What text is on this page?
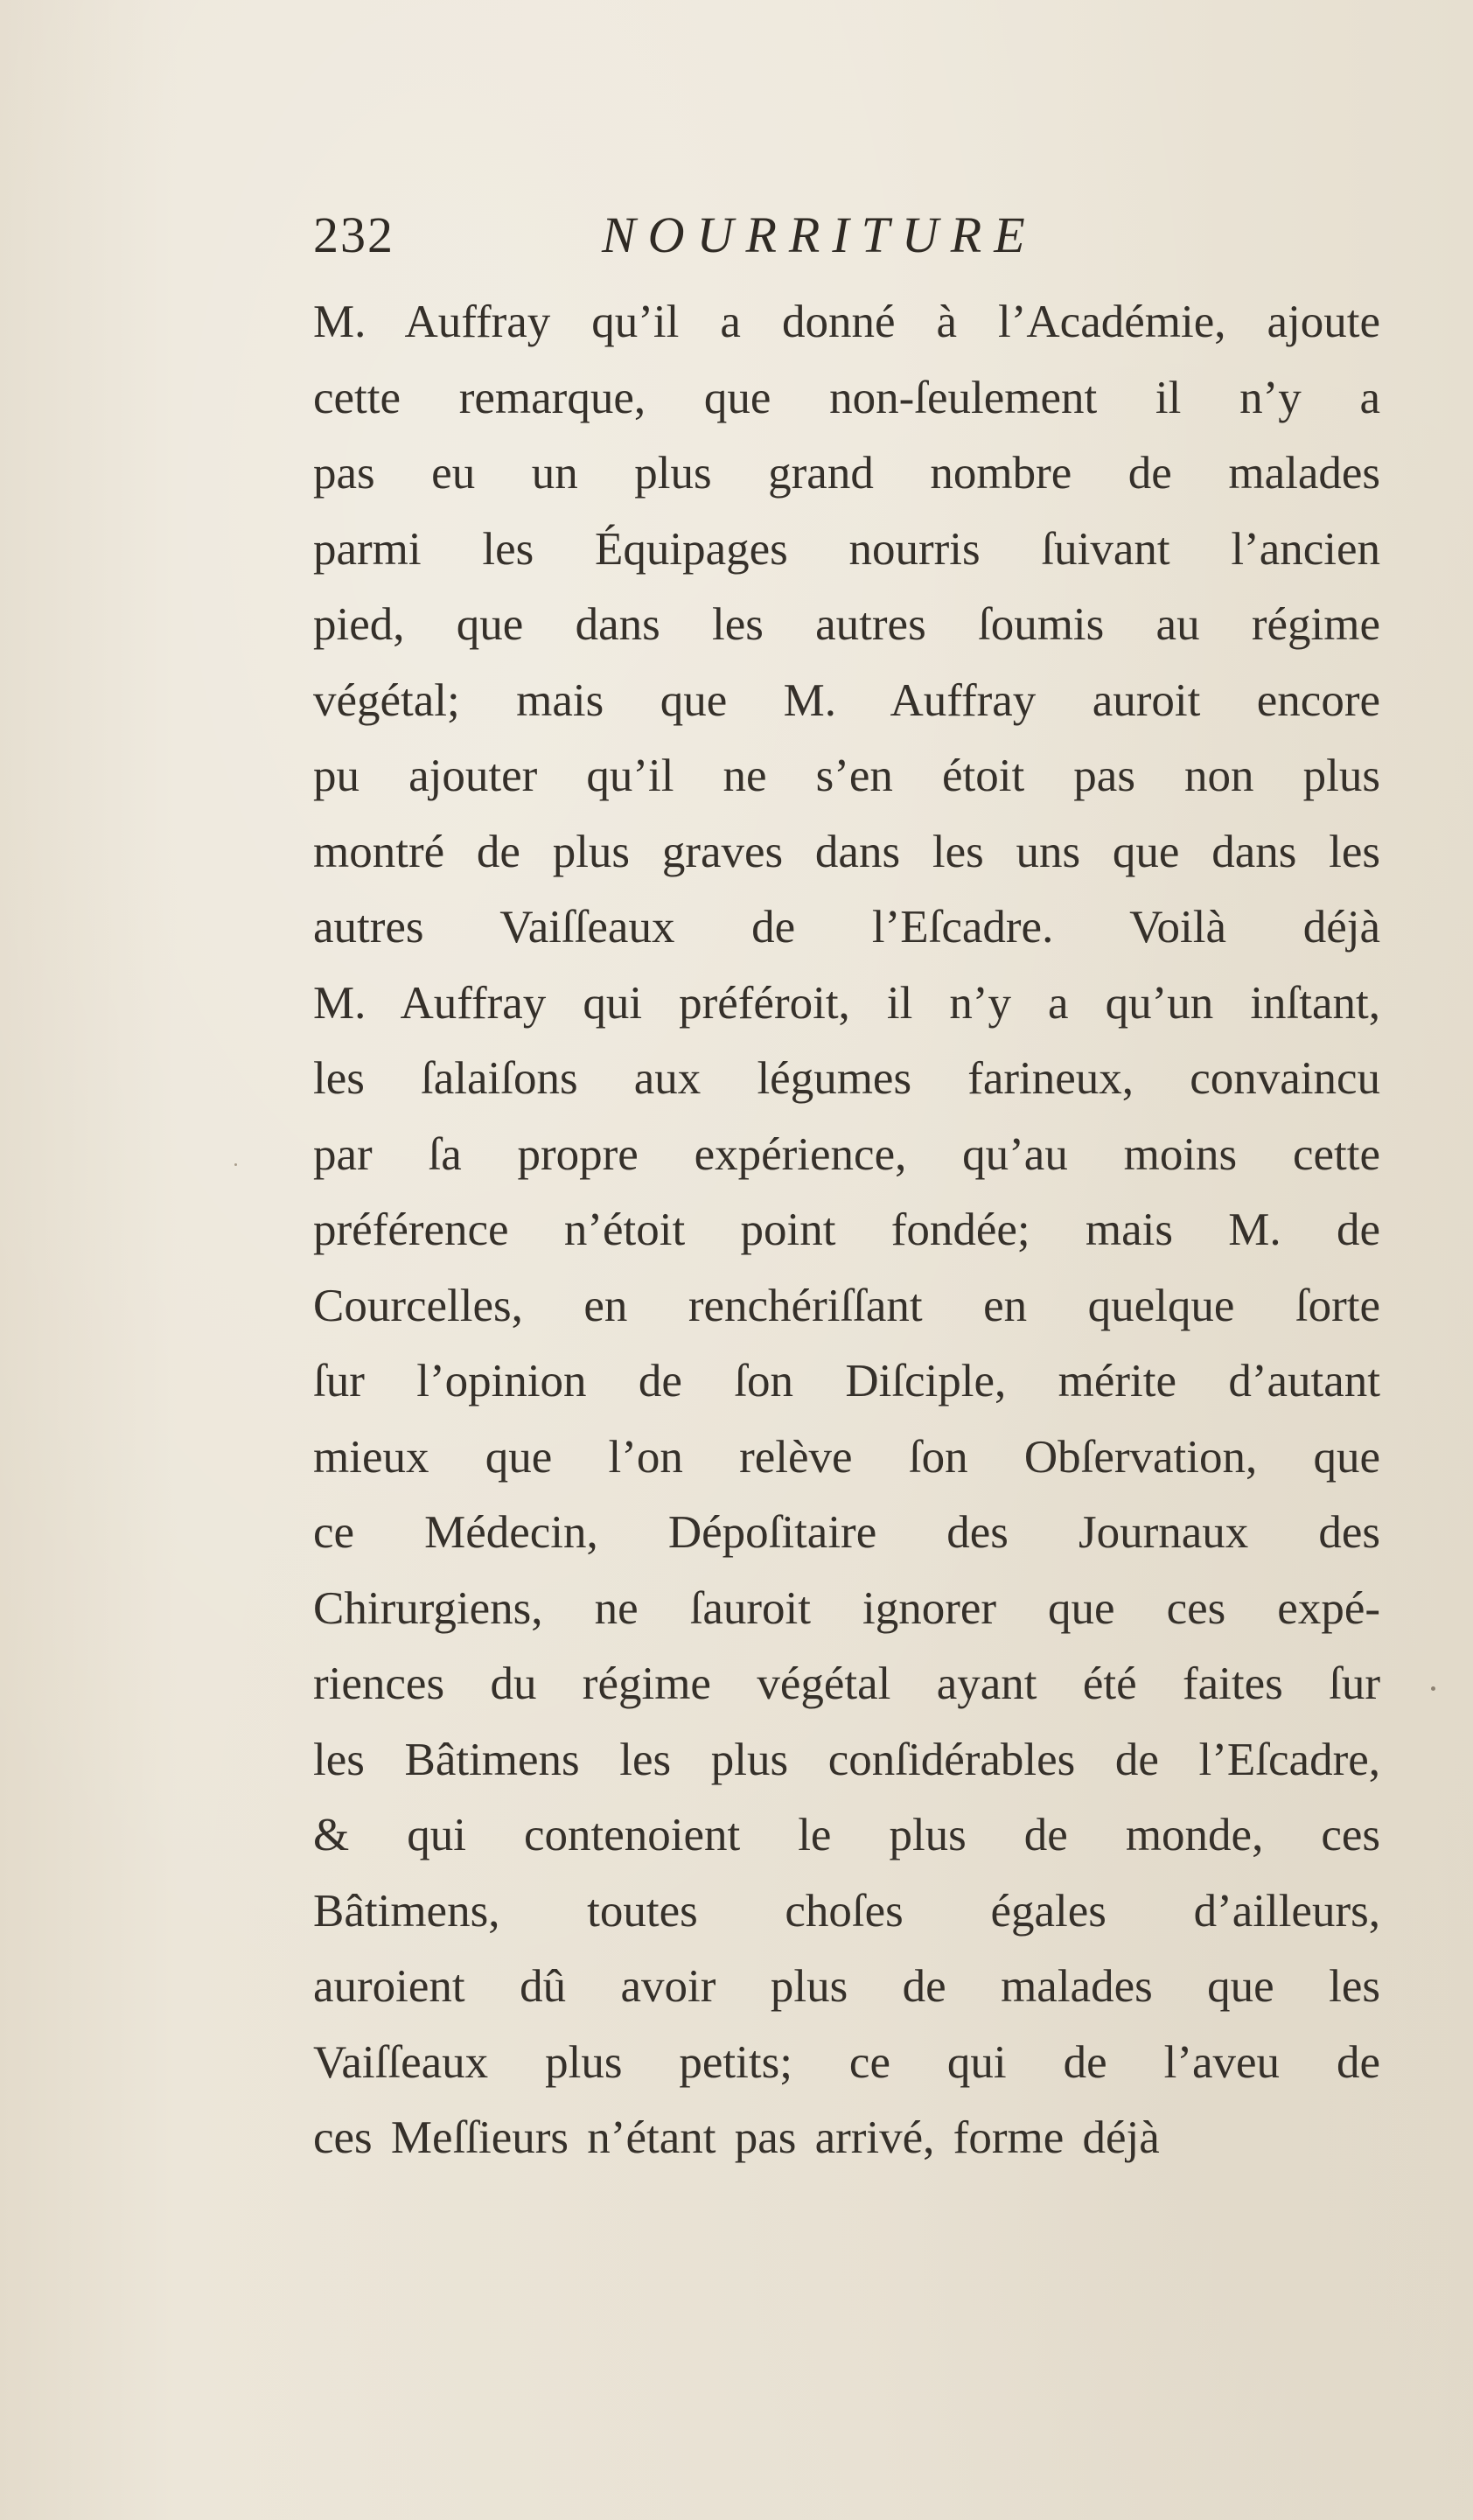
232	NOURRITURE
M. Auffray qu’il a donné à l’Académie, ajoute
cette remarque, que non-ſeulement il n’y a
pas eu un plus grand nombre de malades
parmi les Équipages nourris ſuivant l’ancien
pied, que dans les autres ſoumis au régime
végétal; mais que M. Auffray auroit encore
pu ajouter qu’il ne s’en étoit pas non plus
montré de plus graves dans les uns que dans les
autres Vaiſſeaux de l’Eſcadre. Voilà déjà
M. Auffray qui préféroit, il n’y a qu’un inſtant,
les ſalaiſons aux légumes farineux, convaincu
par ſa propre expérience, qu’au moins cette
préférence n’étoit point fondée; mais M. de
Courcelles, en renchériſſant en quelque ſorte
ſur l’opinion de ſon Diſciple, mérite d’autant
mieux que l’on relève ſon Obſervation, que
ce Médecin, Dépoſitaire des Journaux des
Chirurgiens, ne ſauroit ignorer que ces expé-
riences du régime végétal ayant été faites ſur
les Bâtimens les plus conſidérables de l’Eſcadre,
& qui contenoient le plus de monde, ces
Bâtimens, toutes choſes égales d’ailleurs,
auroient dû avoir plus de malades que les
Vaiſſeaux plus petits; ce qui de l’aveu de
ces Meſſieurs n’étant pas arrivé, forme déjà
